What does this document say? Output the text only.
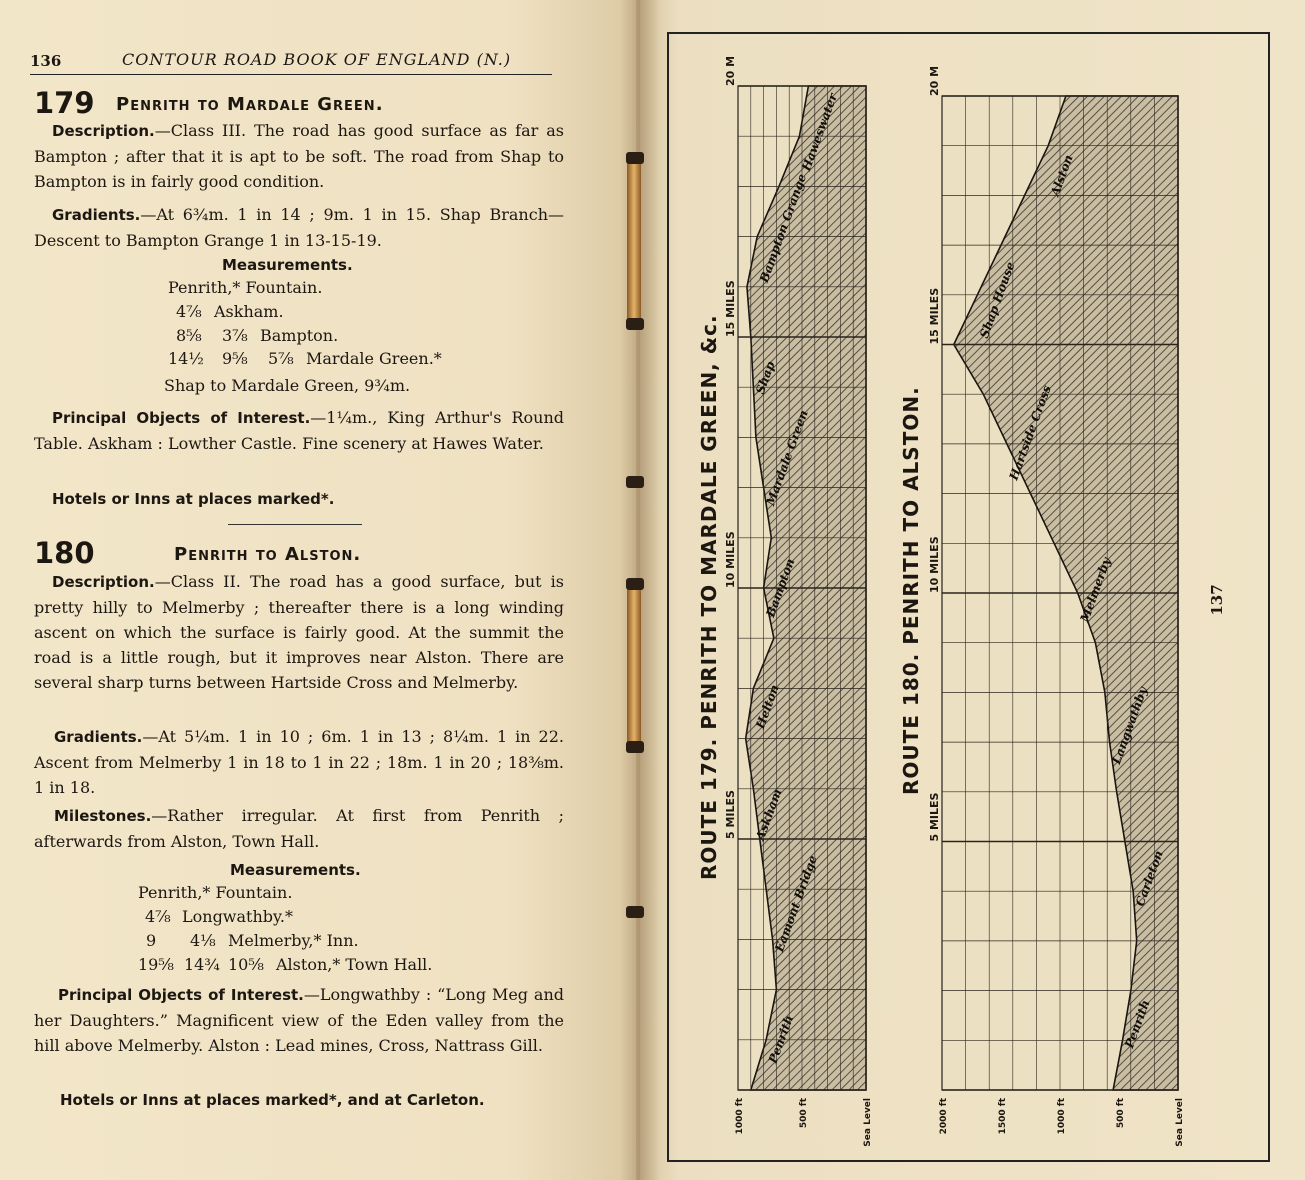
136	CONTOUR ROAD BOOK OF ENGLAND (N.)
179 Penrith to Mardale Green.
Description.—Class III. The road has good surface as far as Bampton ; after that it is apt to be soft. The road from Shap to Bampton is in fairly good condition.
Gradients.—At 6¾m. 1 in 14 ; 9m. 1 in 15. Shap Branch—Descent to Bampton Grange 1 in 13-15-19.
Measurements.
Penrith,* Fountain.
4⅞ Askham.
8⅝ 3⅞ Bampton.
14½ 9⅝ 5⅞ Mardale Green.*
Shap to Mardale Green, 9¾m.
Principal Objects of Interest.—1¼m., King Arthur's Round Table. Askham : Lowther Castle. Fine scenery at Hawes Water.
Hotels or Inns at places marked*.
180	Penrith to Alston.
Description.—Class II. The road has a good surface, but is pretty hilly to Melmerby ; thereafter there is a long winding ascent on which the surface is fairly good. At the summit the road is a little rough, but it improves near Alston. There are several sharp turns between Hartside Cross and Melmerby.
Gradients.—At 5¼m. 1 in 10 ; 6m. 1 in 13 ; 8¼m. 1 in 22. Ascent from Melmerby 1 in 18 to 1 in 22 ; 18m. 1 in 20 ; 18⅜m. 1 in 18.
Milestones.—Rather irregular. At first from Penrith ; afterwards from Alston, Town Hall.
Measurements.
Penrith,* Fountain.
4⅞ Longwathby.*
9 4⅛ Melmerby,* Inn.
19⅝ 14¾ 10⅝ Alston,* Town Hall.
Principal Objects of Interest.—Longwathby : “Long Meg and her Daughters.” Magnificent view of the Eden valley from the hill above Melmerby. Alston : Lead mines, Cross, Nattrass Gill.
Hotels or Inns at places marked*, and at Carleton.
5 MILES
10 MILES
15 MILES
20 M
1000 ft	500 ft	Sea Level
ROUTE 179. PENRITH TO MARDALE GREEN, &c.
Penrith
Eamont Bridge
Askham
Helton
Bampton
Mardale Green
Shap
Bampton Grange
Haweswater
5 MILES
10 MILES
15 MILES
20 M
2000 ft	1500 ft	1000 ft	500 ft	Sea Level
ROUTE 180. PENRITH TO ALSTON.
Penrith
Carleton
Langwathby
Melmerby
Hartside Cross
Shap House
Alston
137
